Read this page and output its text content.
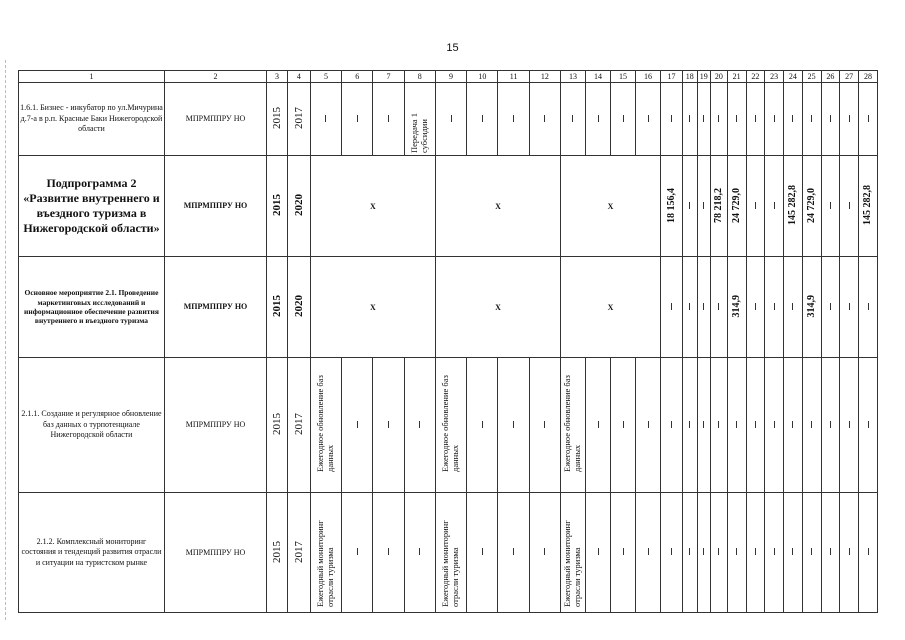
15
1	2	3	4	5	6	7	8	9	10	11	12	13	14	15	16	17	18	19	20	21	22	23	24	25	26	27	28
1.6.1. Бизнес - инкубатор по ул.Мичурина д.7-а в р.п. Красные Баки Нижегородской области	МПРМППРУ НО	2015	2017				Передача 1 субсидии																				
Подпрограмма 2 «Развитие внутреннего и въездного туризма в Нижегородской области»	МПРМППРУ НО	2015	2020	Х				Х				Х				18 156,4			78 218,2	24 729,0			145 282,8	24 729,0			145 282,8
Основное мероприятие 2.1. Проведение маркетинговых исследований и информационное обеспечение развития внутреннего и въездного туризма	МПРМППРУ НО	2015	2020	Х				Х				Х								314,9				314,9			
2.1.1. Создание и регулярное обновление баз данных о турпотенциале Нижегородской области	МПРМППРУ НО	2015	2017	Ежегодное обновление баз данных				Ежегодное обновление баз данных				Ежегодное обновление баз данных															
2.1.2. Комплексный мониторинг состояния и тенденций развития отрасли и ситуации на туристском рынке	МПРМППРУ НО	2015	2017	Ежегодный мониторинг отрасли туризма				Ежегодный мониторинг отрасли туризма				Ежегодный мониторинг отрасли туризма															
